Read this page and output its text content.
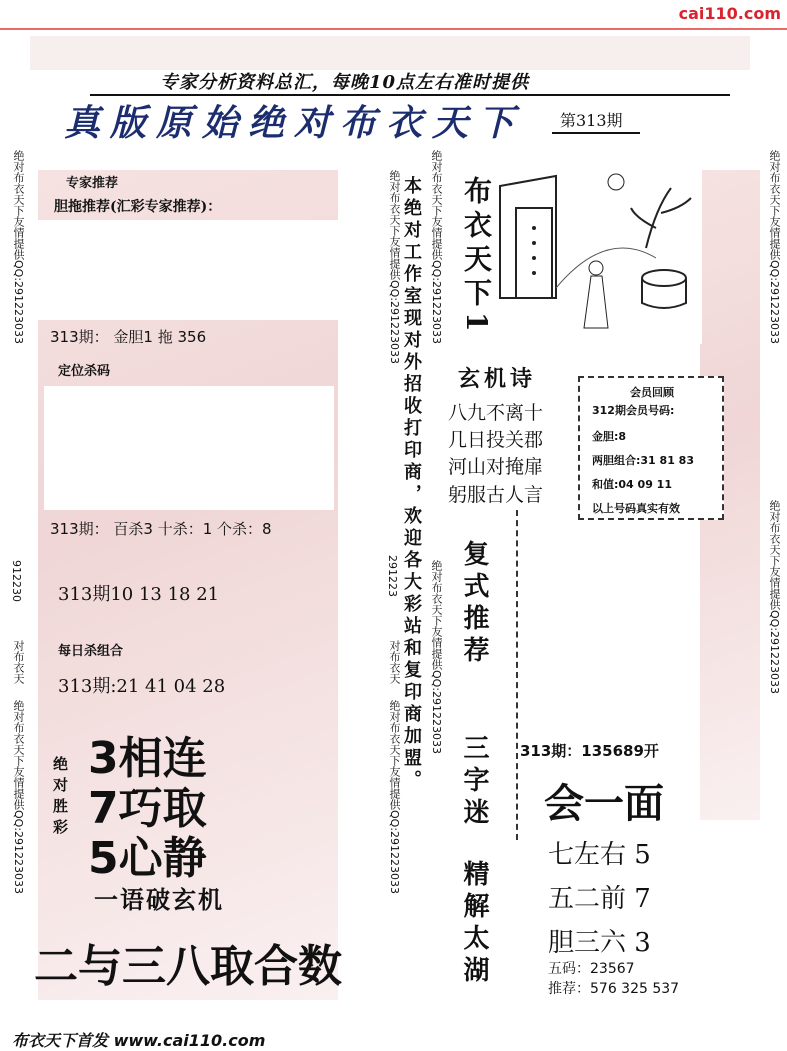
cai110.com
专家分析资料总汇，每晚10点左右准时提供
真版原始绝对布衣天下 第313期
绝对布衣天下友情提供QQ:291223033
912230
对布衣天
绝对布衣天下友情提供QQ:291223033
绝对布衣天下友情提供QQ:291223033
291223
对布衣天
绝对布衣天下友情提供QQ:291223033
绝对布衣天下友情提供QQ:291223033
绝对布衣天下友情提供QQ:291223033
绝对布衣天下友情提供QQ:291223033
绝对布衣天下友情提供QQ:291223033
专家推荐
胆拖推荐(汇彩专家推荐)：
313期： 金胆1 拖 356
定位杀码
313期： 百杀3 十杀：1 个杀：8
313期10 13 18 21
每日杀组合
313期:21 41 04 28
绝对胜彩 3相连
7巧取
5心静
一语破玄机
二与三八取合数
本绝对工作室现对外招收打印商，欢迎各大彩站和复印商加盟。 布衣天下1
玄机诗
八九不离十
几日投关郡
河山对掩扉
躬服古人言
会员回顾
312期会员号码:
金胆:8
两胆组合:31 81 83
和值:04 09 11
以上号码真实有效
复式推荐
三字迷
精解太湖
313期：135689开
会一面
七左右 5
五二前 7
胆三六 3
五码：23567
推荐：576 325 537
布衣天下首发 www.cai110.com
